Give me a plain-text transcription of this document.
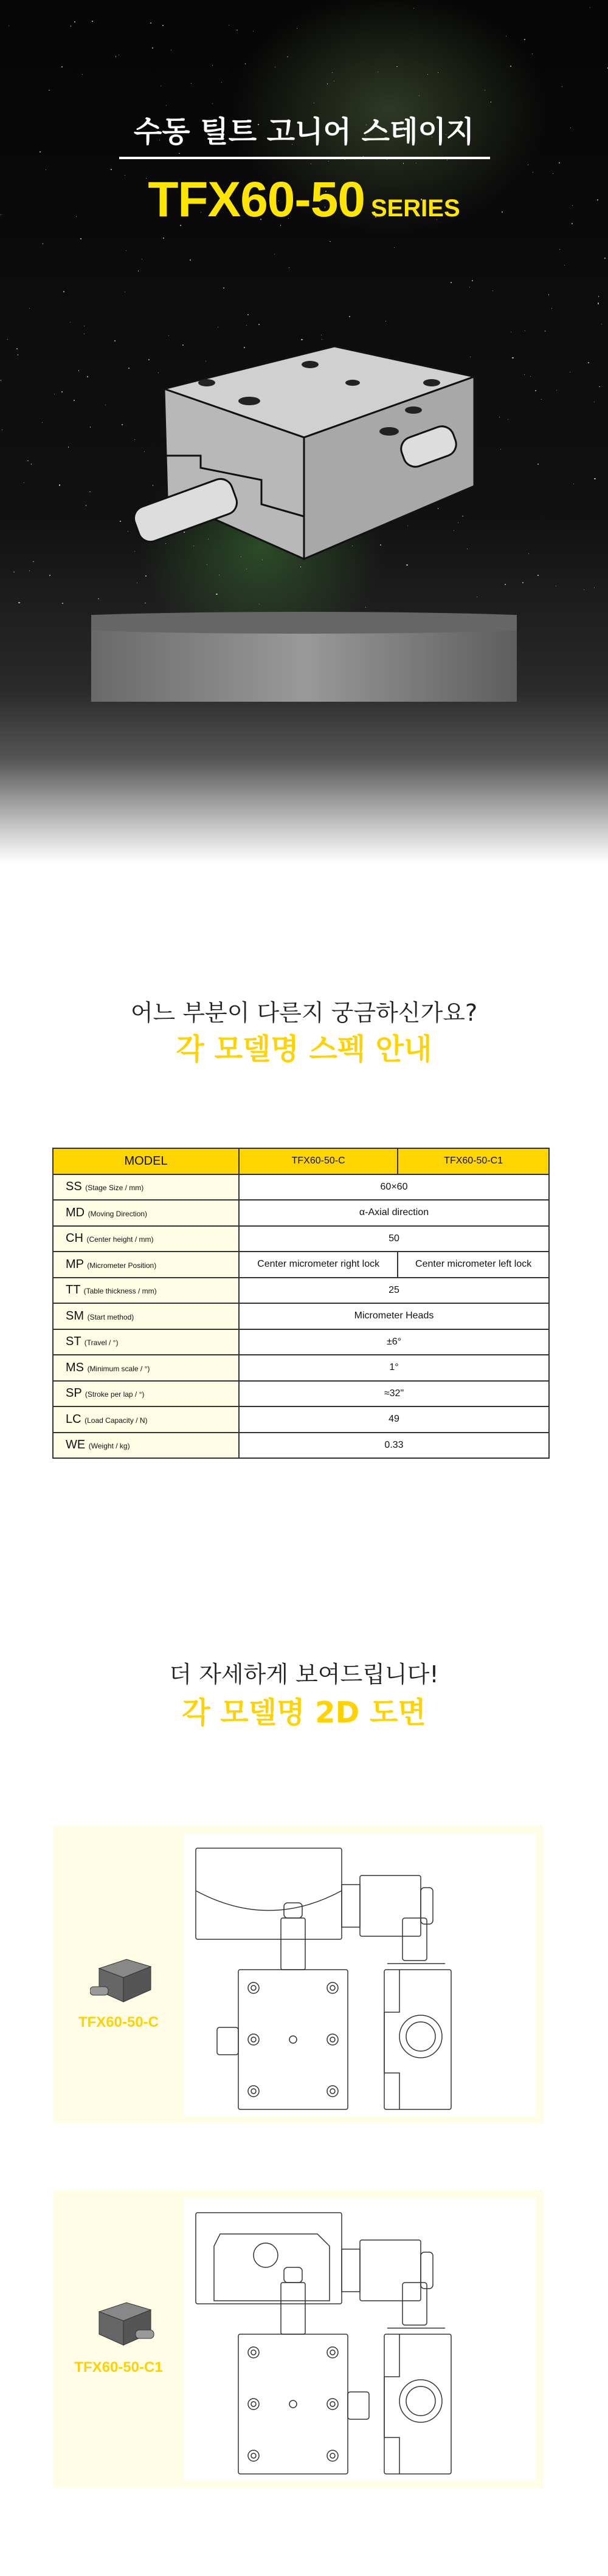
수동 틸트 고니어 스테이지
TFX60-50 SERIES
어느 부분이 다른지 궁금하신가요?
각 모델명 스펙 안내
MODEL	TFX60-50-C	TFX60-50-C1
SS (Stage Size / mm)	60×60	
MD (Moving Direction)	α-Axial direction	
CH (Center height / mm)	50	
MP (Micrometer Position)	Center micrometer right lock	Center micrometer left lock
TT (Table thickness / mm)	25	
SM (Start method)	Micrometer Heads	
ST (Travel / °)	±6°	
MS (Minimum scale / °)	1°	
SP (Stroke per lap / °)	≈32"	
LC (Load Capacity / N)	49	
WE (Weight / kg)	0.33	
더 자세하게 보여드립니다!
각 모델명 2D 도면
TFX60-50-C
TFX60-50-C1
